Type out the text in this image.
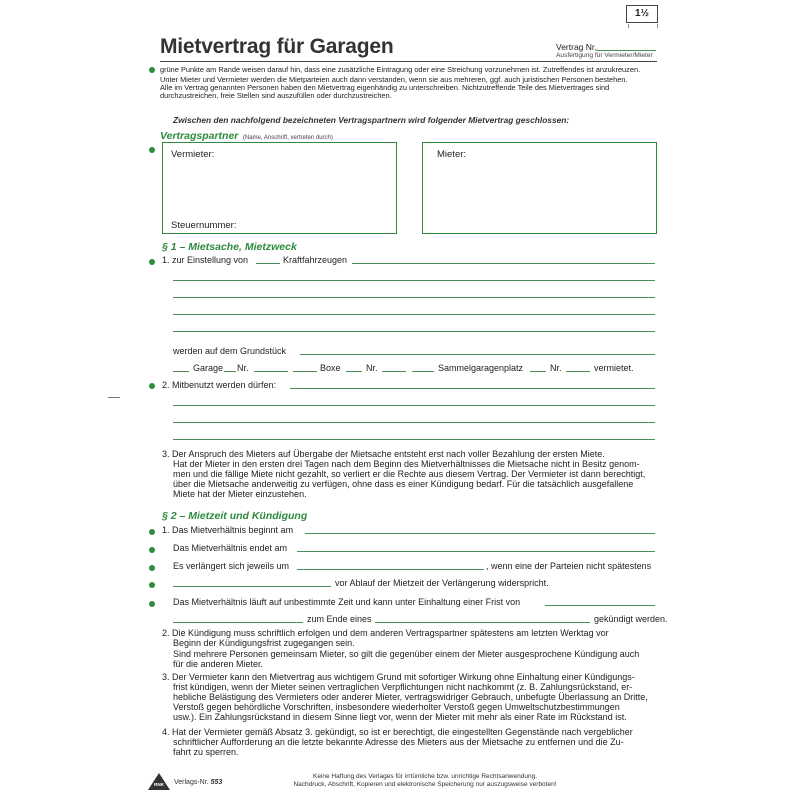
1½
Mietvertrag für Garagen	Vertrag Nr.
Ausfertigung für Vermieter/Mieter
grüne Punkte am Rande weisen darauf hin, dass eine zusätzliche Eintragung oder eine Streichung vorzunehmen ist. Zutreffendes ist anzukreuzen.
Unter Mieter und Vermieter werden die Mietparteien auch dann verstanden, wenn sie aus mehreren, ggf. auch juristischen Personen bestehen.
Alle im Vertrag genannten Personen haben den Mietvertrag eigenhändig zu unterschreiben. Nichtzutreffende Teile des Mietvertrages sind
durchzustreichen, freie Stellen sind auszufüllen oder durchzustreichen.
Zwischen den nachfolgend bezeichneten Vertragspartnern wird folgender Mietvertrag geschlossen:
Vertragspartner (Name, Anschrift, vertreten durch)
Vermieter:
Steuernummer:
Mieter:
§ 1 – Mietsache, Mietzweck
1. zur Einstellung von	Kraftfahrzeugen
werden auf dem Grundstück
Garage Nr.	Boxe	Nr.	Sammelgaragenplatz	Nr.	vermietet.
2. Mitbenutzt werden dürfen:
3. Der Anspruch des Mieters auf Übergabe der Mietsache entsteht erst nach voller Bezahlung der ersten Miete.
Hat der Mieter in den ersten drei Tagen nach dem Beginn des Mietverhältnisses die Mietsache nicht in Besitz genom-
men und die fällige Miete nicht gezahlt, so verliert er die Rechte aus diesem Vertrag. Der Vermieter ist dann berechtigt,
über die Mietsache anderweitig zu verfügen, ohne dass es einer Kündigung bedarf. Für die tatsächlich ausgefallene
Miete hat der Mieter einzustehen.
§ 2 – Mietzeit und Kündigung
1. Das Mietverhältnis beginnt am
Das Mietverhältnis endet am
Es verlängert sich jeweils um	, wenn eine der Parteien nicht spätestens
vor Ablauf der Mietzeit der Verlängerung widerspricht.
Das Mietverhältnis läuft auf unbestimmte Zeit und kann unter Einhaltung einer Frist von
zum Ende eines	gekündigt werden.
2. Die Kündigung muss schriftlich erfolgen und dem anderen Vertragspartner spätestens am letzten Werktag vor
Beginn der Kündigungsfrist zugegangen sein.
Sind mehrere Personen gemeinsam Mieter, so gilt die gegenüber einem der Mieter ausgesprochene Kündigung auch
für die anderen Mieter.
3. Der Vermieter kann den Mietvertrag aus wichtigem Grund mit sofortiger Wirkung ohne Einhaltung einer Kündigungs-
frist kündigen, wenn der Mieter seinen vertraglichen Verpflichtungen nicht nachkommt (z. B. Zahlungsrückstand, er-
hebliche Belästigung des Vermieters oder anderer Mieter, vertragswidriger Gebrauch, unbefugte Überlassung an Dritte,
Verstoß gegen behördliche Vorschriften, insbesondere wiederholter Verstoß gegen Umweltschutzbestimmungen
usw.). Ein Zahlungsrückstand in diesem Sinne liegt vor, wenn der Mieter mit mehr als einer Rate im Rückstand ist.
4. Hat der Vermieter gemäß Absatz 3. gekündigt, so ist er berechtigt, die eingestellten Gegenstände nach vergeblicher
schriftlicher Aufforderung an die letzte bekannte Adresse des Mieters aus der Mietsache zu entfernen und die Zu-
fahrt zu sperren.
RNK	Verlags-Nr. 553
Keine Haftung des Verlages für irrtümliche bzw. unrichtige Rechtsanwendung.
Nachdruck, Abschrift, Kopieren und elektronische Speicherung nur auszugsweise verboten!
